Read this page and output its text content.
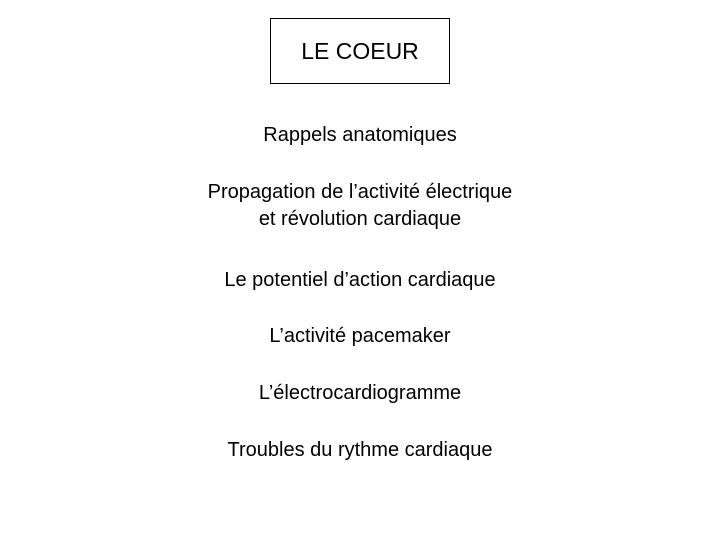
LE COEUR
Rappels anatomiques
Propagation de l’activité électrique
et révolution cardiaque
Le potentiel d’action cardiaque
L’activité pacemaker
L’électrocardiogramme
Troubles du rythme cardiaque
